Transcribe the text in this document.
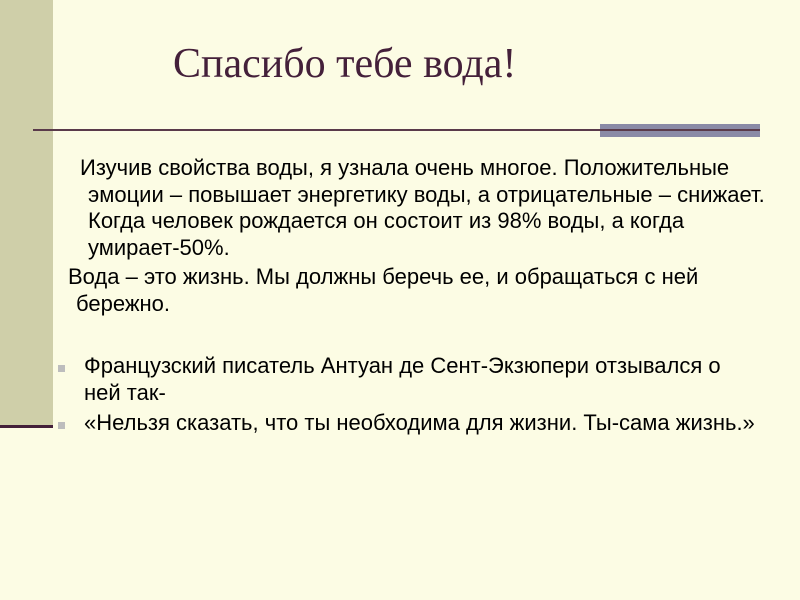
Спасибо тебе вода!

Изучив свойства воды, я узнала очень многое. Положительные эмоции – повышает энергетику воды, а отрицательные – снижает. Когда человек рождается он состоит из 98% воды, а когда умирает-50%.

Вода – это жизнь. Мы должны беречь ее, и обращаться с ней бережно.

Французский писатель Антуан де Сент-Экзюпери отзывался о ней так-

«Нельзя сказать, что ты необходима для жизни. Ты-сама жизнь.»
